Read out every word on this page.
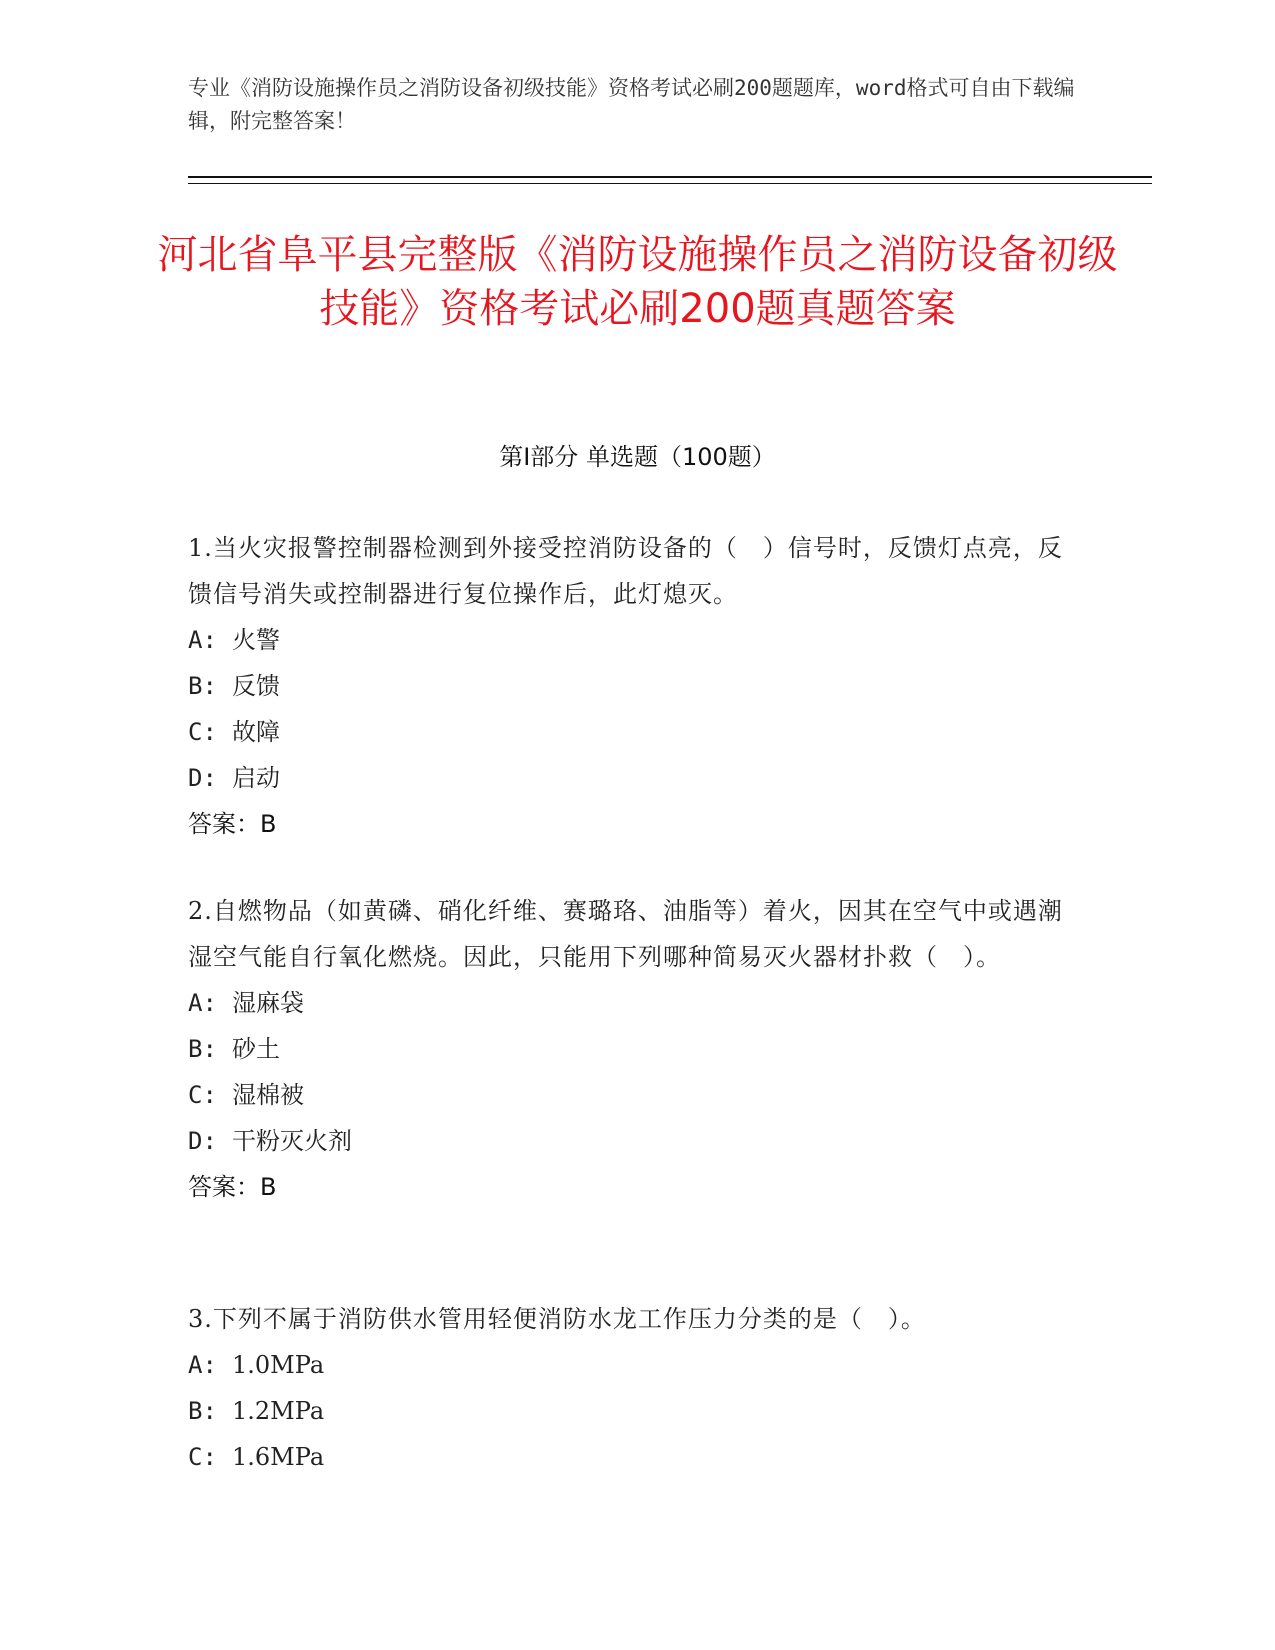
专业《消防设施操作员之消防设备初级技能》资格考试必刷200题题库，word格式可自由下载编辑，附完整答案！
河北省阜平县完整版《消防设施操作员之消防设备初级技能》资格考试必刷200题真题答案
第Ⅰ部分 单选题（100题）
1.当火灾报警控制器检测到外接受控消防设备的（　）信号时，反馈灯点亮，反馈信号消失或控制器进行复位操作后，此灯熄灭。
A: 火警
B: 反馈
C: 故障
D: 启动
答案：B
2.自燃物品（如黄磷、硝化纤维、赛璐珞、油脂等）着火，因其在空气中或遇潮湿空气能自行氧化燃烧。因此，只能用下列哪种简易灭火器材扑救（　）。
A: 湿麻袋
B: 砂土
C: 湿棉被
D: 干粉灭火剂
答案：B
3.下列不属于消防供水管用轻便消防水龙工作压力分类的是（　）。
A: 1.0MPa
B: 1.2MPa
C: 1.6MPa
